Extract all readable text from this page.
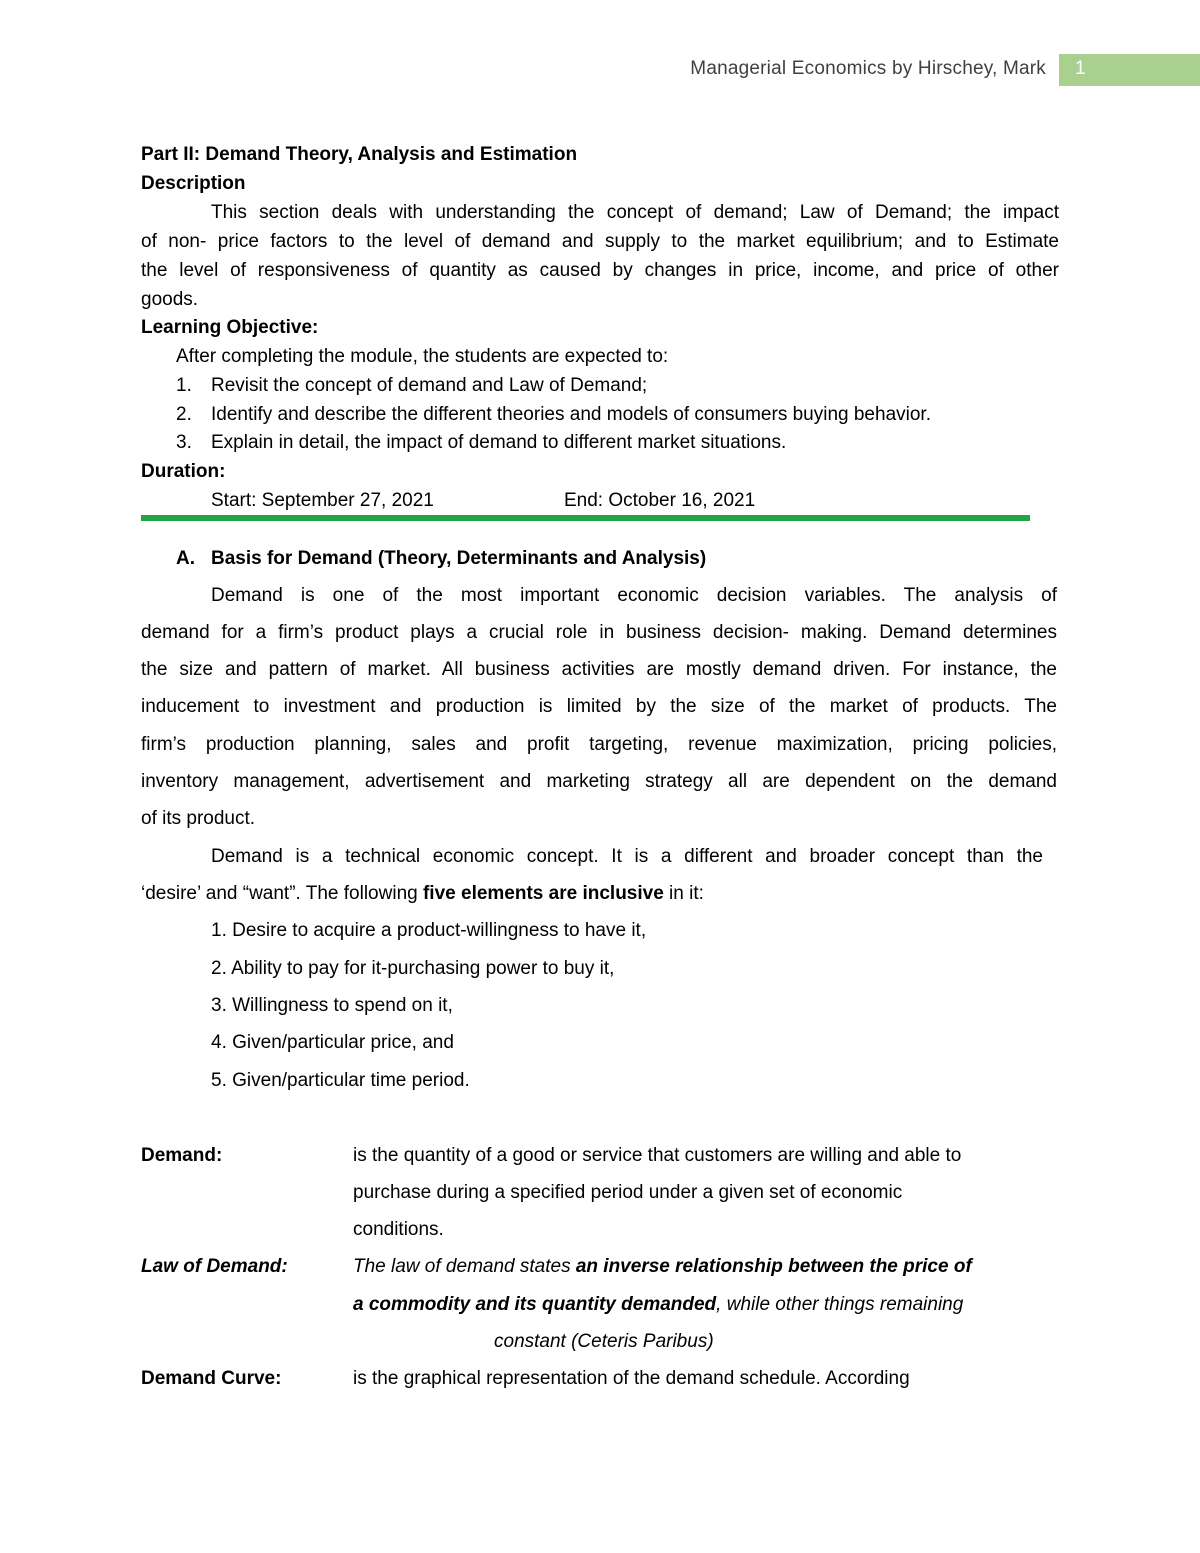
Managerial Economics by Hirschey, Mark 1
Part II: Demand Theory, Analysis and Estimation
Description
This section deals with understanding the concept of demand; Law of Demand; the impact
of non- price factors to the level of demand and supply to the market equilibrium; and to Estimate
the level of responsiveness of quantity as caused by changes in price, income, and price of other
goods.
Learning Objective:
After completing the module, the students are expected to:
1. Revisit the concept of demand and Law of Demand;
2. Identify and describe the different theories and models of consumers buying behavior.
3. Explain in detail, the impact of demand to different market situations.
Duration:
Start: September 27, 2021	End: October 16, 2021
A. Basis for Demand (Theory, Determinants and Analysis)
Demand is one of the most important economic decision variables. The analysis of
demand for a firm’s product plays a crucial role in business decision- making. Demand determines
the size and pattern of market. All business activities are mostly demand driven. For instance, the
inducement to investment and production is limited by the size of the market of products. The
firm’s production planning, sales and profit targeting, revenue maximization, pricing policies,
inventory management, advertisement and marketing strategy all are dependent on the demand
of its product.
Demand is a technical economic concept. It is a different and broader concept than the
‘desire’ and “want”. The following five elements are inclusive in it:
1. Desire to acquire a product-willingness to have it,
2. Ability to pay for it-purchasing power to buy it,
3. Willingness to spend on it,
4. Given/particular price, and
5. Given/particular time period.
Demand:	is the quantity of a good or service that customers are willing and able to
purchase during a specified period under a given set of economic
conditions.
Law of Demand:	The law of demand states an inverse relationship between the price of
a commodity and its quantity demanded, while other things remaining
constant (Ceteris Paribus)
Demand Curve:	is the graphical representation of the demand schedule. According
